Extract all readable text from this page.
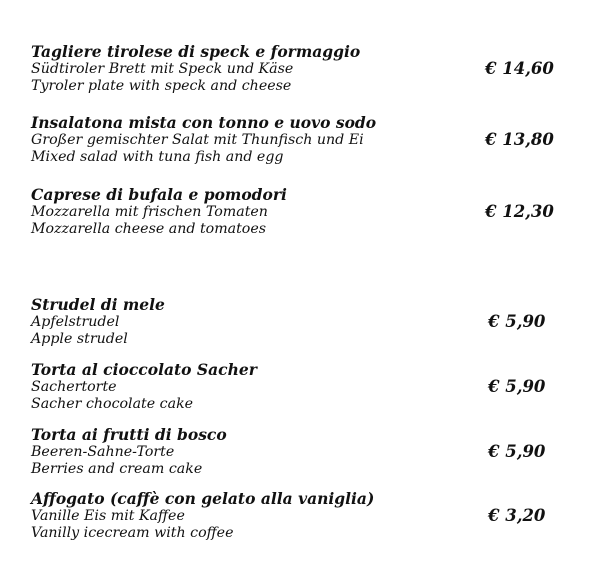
Tagliere tirolese di speck e formaggio
Südtiroler Brett mit Speck und Käse
Tyroler plate with speck and cheese
€ 14,60
Insalatona mista con tonno e uovo sodo
Großer gemischter Salat mit Thunfisch und Ei
Mixed salad with tuna fish and egg
€ 13,80
Caprese di bufala e pomodori
Mozzarella mit frischen Tomaten
Mozzarella cheese and tomatoes
€ 12,30
Strudel di mele
Apfelstrudel
Apple strudel
€ 5,90
Torta al cioccolato Sacher
Sachertorte
Sacher chocolate cake
€ 5,90
Torta ai frutti di bosco
Beeren-Sahne-Torte
Berries and cream cake
€ 5,90
Affogato (caffè con gelato alla vaniglia)
Vanille Eis mit Kaffee
Vanilly icecream with coffee
€ 3,20
